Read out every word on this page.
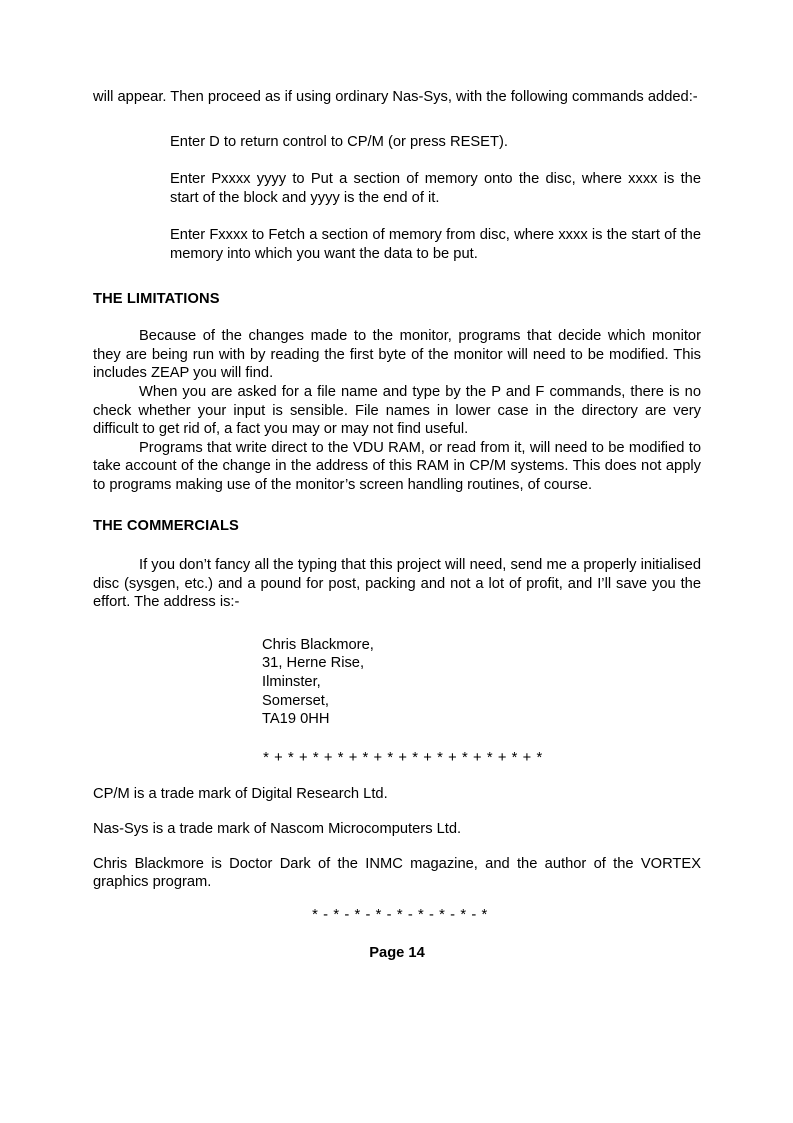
will appear. Then proceed as if using ordinary Nas-Sys, with the following commands added:-
Enter D to return control to CP/M (or press RESET).
Enter Pxxxx yyyy to Put a section of memory onto the disc, where xxxx is the start of the block and yyyy is the end of it.
Enter Fxxxx to Fetch a section of memory from disc, where xxxx is the start of the memory into which you want the data to be put.
THE LIMITATIONS
Because of the changes made to the monitor, programs that decide which monitor they are being run with by reading the first byte of the monitor will need to be modified. This includes ZEAP you will find.
When you are asked for a file name and type by the P and F commands, there is no check whether your input is sensible. File names in lower case in the directory are very difficult to get rid of, a fact you may or may not find useful.
Programs that write direct to the VDU RAM, or read from it, will need to be modified to take account of the change in the address of this RAM in CP/M systems. This does not apply to programs making use of the monitor’s screen handling routines, of course.
THE COMMERCIALS
If you don’t fancy all the typing that this project will need, send me a properly initialised disc (sysgen, etc.) and a pound for post, packing and not a lot of profit, and I’ll save you the effort. The address is:-
Chris Blackmore,
31, Herne Rise,
Ilminster,
Somerset,
TA19 0HH
* + * + * + * + * + * + * + * + * + * + * + *
CP/M is a trade mark of Digital Research Ltd.
Nas-Sys is a trade mark of Nascom Microcomputers Ltd.
Chris Blackmore is Doctor Dark of the INMC magazine, and the author of the VORTEX graphics program.
* - * - * - * - * - * - * - * - *
Page 14
